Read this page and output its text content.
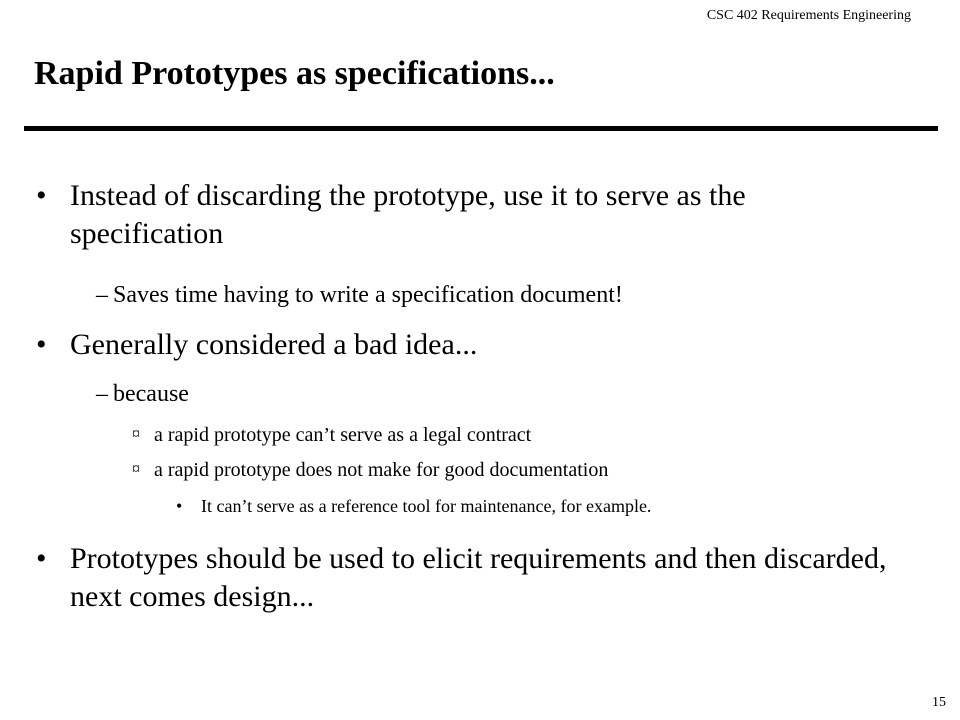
CSC 402 Requirements Engineering
Rapid Prototypes as specifications...
• Instead of discarding the prototype, use it to serve as the specification
– Saves time having to write a specification document!
• Generally considered a bad idea...
– because
¤ a rapid prototype can’t serve as a legal contract
¤ a rapid prototype does not make for good documentation
• It can’t serve as a reference tool for maintenance, for example.
• Prototypes should be used to elicit requirements and then discarded, next comes design...
15
